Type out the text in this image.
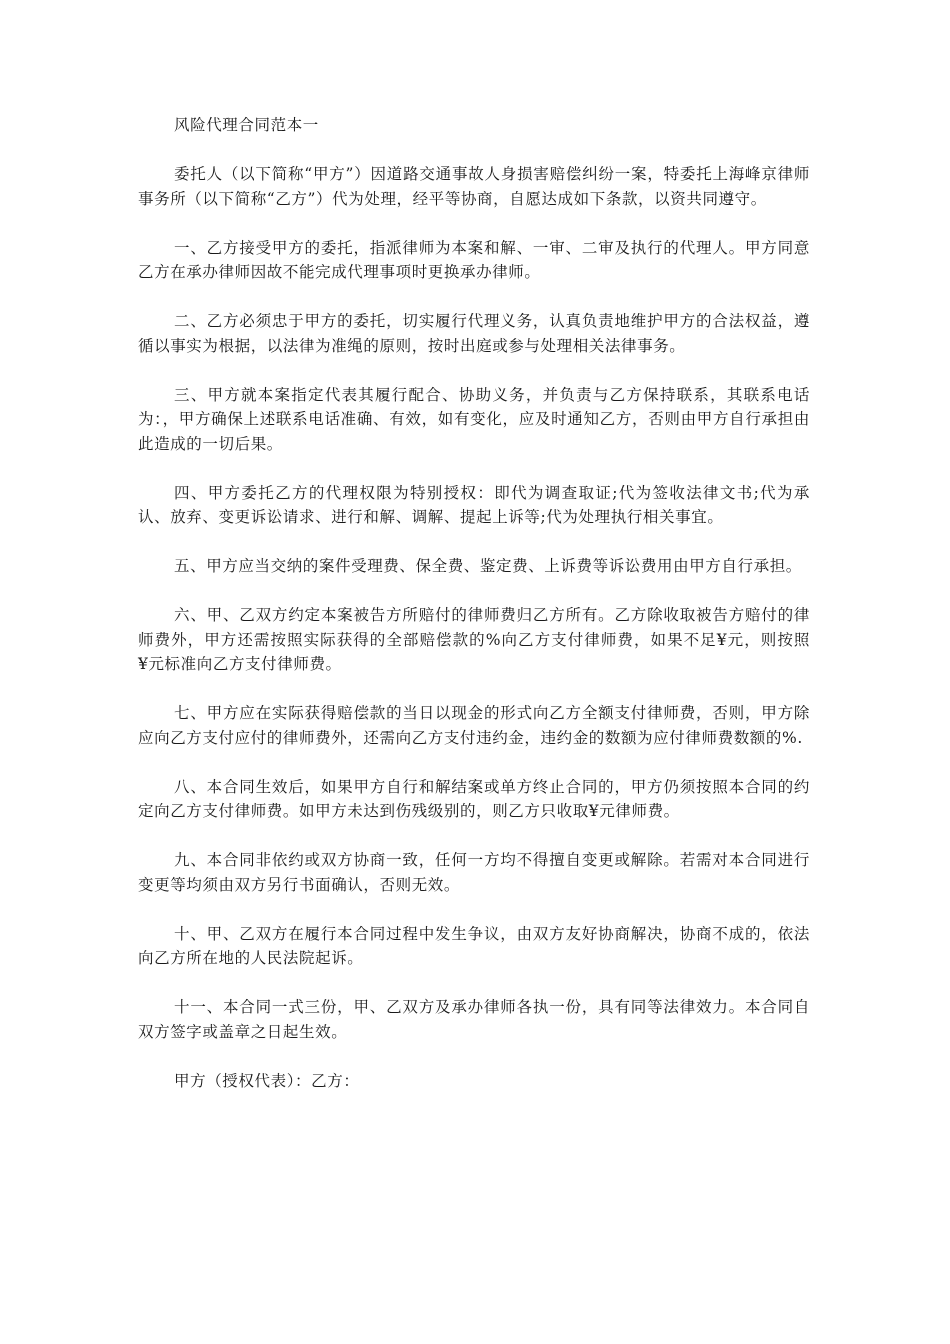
风险代理合同范本一

委托人（以下简称“甲方”）因道路交通事故人身损害赔偿纠纷一案，特委托上海峰京律师事务所（以下简称“乙方”）代为处理，经平等协商，自愿达成如下条款，以资共同遵守。

一、乙方接受甲方的委托，指派律师为本案和解、一审、二审及执行的代理人。甲方同意乙方在承办律师因故不能完成代理事项时更换承办律师。

二、乙方必须忠于甲方的委托，切实履行代理义务，认真负责地维护甲方的合法权益，遵循以事实为根据，以法律为准绳的原则，按时出庭或参与处理相关法律事务。

三、甲方就本案指定代表其履行配合、协助义务，并负责与乙方保持联系，其联系电话为：，甲方确保上述联系电话准确、有效，如有变化，应及时通知乙方，否则由甲方自行承担由此造成的一切后果。

四、甲方委托乙方的代理权限为特别授权：即代为调查取证;代为签收法律文书;代为承认、放弃、变更诉讼请求、进行和解、调解、提起上诉等;代为处理执行相关事宜。

五、甲方应当交纳的案件受理费、保全费、鉴定费、上诉费等诉讼费用由甲方自行承担。

六、甲、乙双方约定本案被告方所赔付的律师费归乙方所有。乙方除收取被告方赔付的律师费外，甲方还需按照实际获得的全部赔偿款的%向乙方支付律师费，如果不足¥元，则按照¥元标准向乙方支付律师费。

七、甲方应在实际获得赔偿款的当日以现金的形式向乙方全额支付律师费，否则，甲方除应向乙方支付应付的律师费外，还需向乙方支付违约金，违约金的数额为应付律师费数额的%.

八、本合同生效后，如果甲方自行和解结案或单方终止合同的，甲方仍须按照本合同的约定向乙方支付律师费。如甲方未达到伤残级别的，则乙方只收取¥元律师费。

九、本合同非依约或双方协商一致，任何一方均不得擅自变更或解除。若需对本合同进行变更等均须由双方另行书面确认，否则无效。

十、甲、乙双方在履行本合同过程中发生争议，由双方友好协商解决，协商不成的，依法向乙方所在地的人民法院起诉。

十一、本合同一式三份，甲、乙双方及承办律师各执一份，具有同等法律效力。本合同自双方签字或盖章之日起生效。

甲方（授权代表）：乙方：
